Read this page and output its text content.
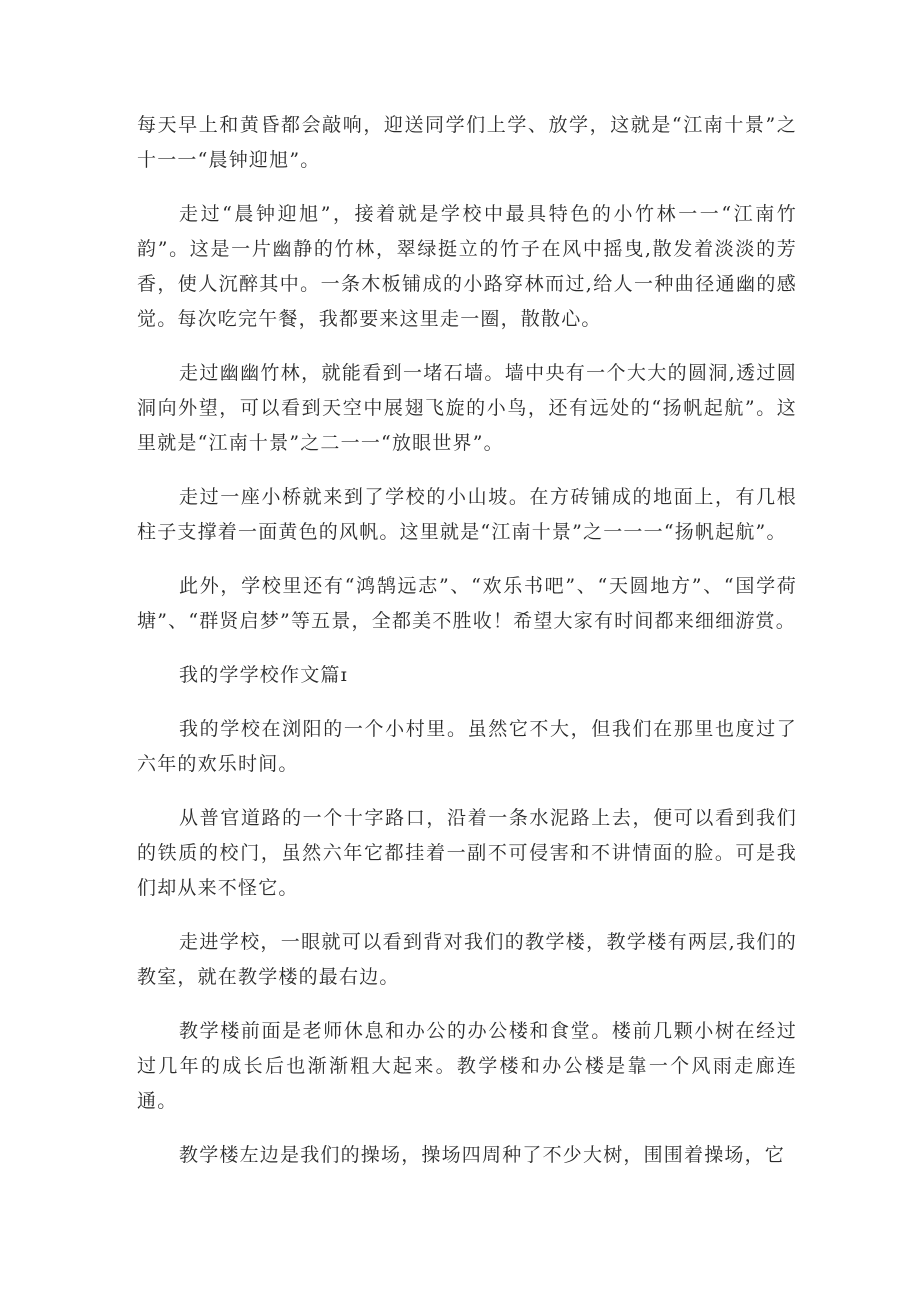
每天早上和黄昏都会敲响，迎送同学们上学、放学，这就是“江南十景”之十一一“晨钟迎旭”。

走过“晨钟迎旭”，接着就是学校中最具特色的小竹林一一“江南竹韵”。这是一片幽静的竹林，翠绿挺立的竹子在风中摇曳,散发着淡淡的芳香，使人沉醉其中。一条木板铺成的小路穿林而过,给人一种曲径通幽的感觉。每次吃完午餐，我都要来这里走一圈，散散心。

走过幽幽竹林，就能看到一堵石墙。墙中央有一个大大的圆洞,透过圆洞向外望，可以看到天空中展翅飞旋的小鸟，还有远处的“扬帆起航”。这里就是“江南十景”之二一一“放眼世界”。

走过一座小桥就来到了学校的小山坡。在方砖铺成的地面上，有几根柱子支撑着一面黄色的风帆。这里就是“江南十景”之一一一“扬帆起航”。

此外，学校里还有“鸿鹄远志”、“欢乐书吧”、“天圆地方”、“国学荷塘”、“群贤启梦”等五景，全都美不胜收！希望大家有时间都来细细游赏。

我的学学校作文篇ɪ

我的学校在浏阳的一个小村里。虽然它不大，但我们在那里也度过了六年的欢乐时间。

从普官道路的一个十字路口，沿着一条水泥路上去，便可以看到我们的铁质的校门，虽然六年它都挂着一副不可侵害和不讲情面的脸。可是我们却从来不怪它。

走进学校，一眼就可以看到背对我们的教学楼，教学楼有两层,我们的教室，就在教学楼的最右边。

教学楼前面是老师休息和办公的办公楼和食堂。楼前几颗小树在经过过几年的成长后也渐渐粗大起来。教学楼和办公楼是靠一个风雨走廊连通。

教学楼左边是我们的操场，操场四周种了不少大树，围围着操场，它
